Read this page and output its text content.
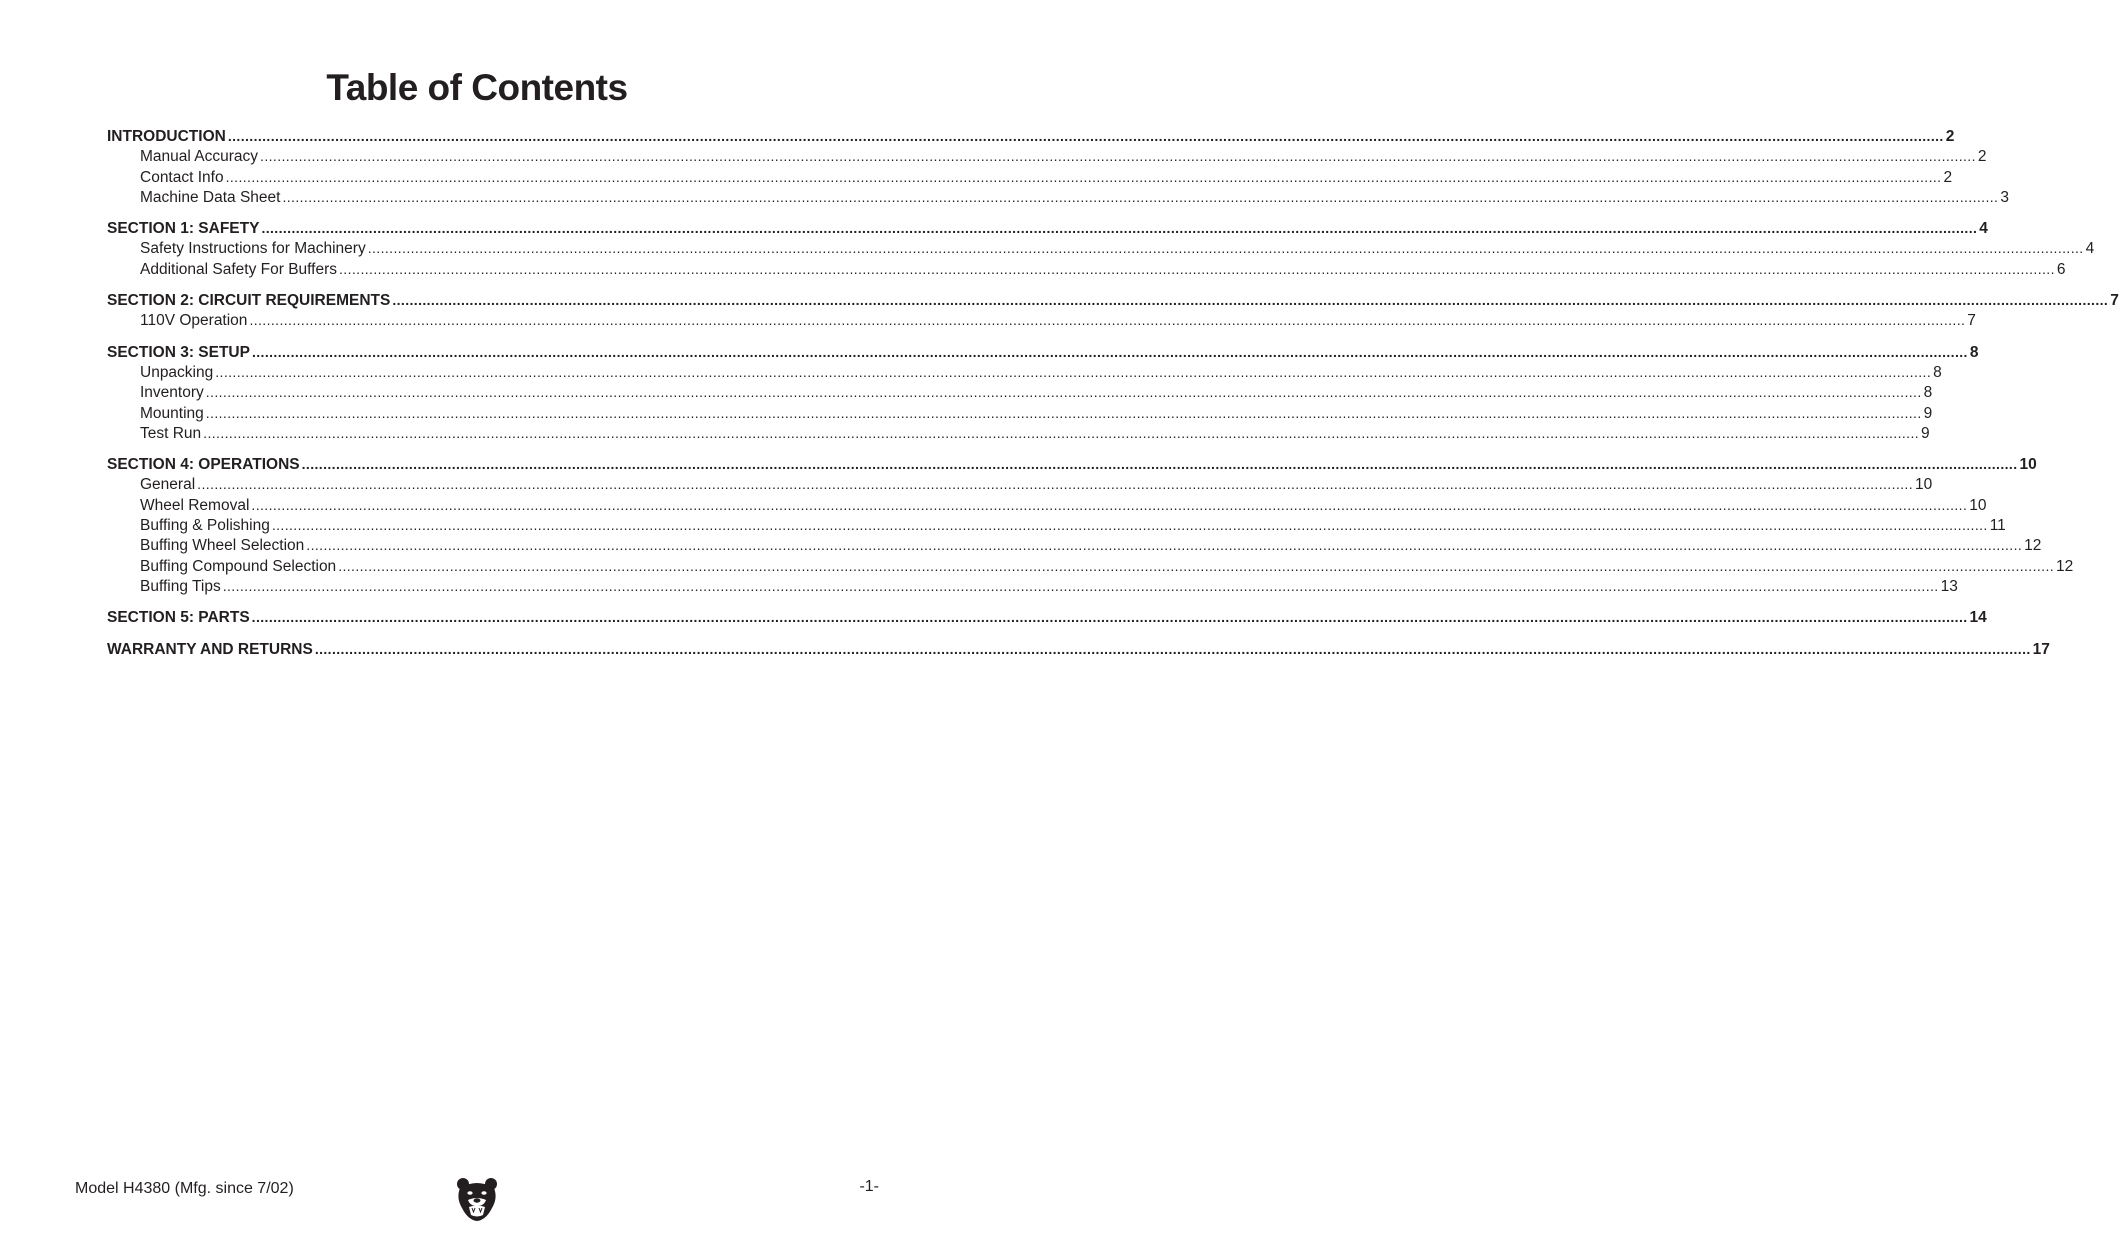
Table of Contents
INTRODUCTION ................................................................................................................................................................................................................................................................................................................................................................................................................ 2
Manual Accuracy ................................................................................................................................................................................................................................................................................................................................................................................................................ 2
Contact Info ................................................................................................................................................................................................................................................................................................................................................................................................................ 2
Machine Data Sheet ................................................................................................................................................................................................................................................................................................................................................................................................................ 3
SECTION 1: SAFETY ................................................................................................................................................................................................................................................................................................................................................................................................................ 4
Safety Instructions for Machinery ................................................................................................................................................................................................................................................................................................................................................................................................................ 4
Additional Safety For Buffers ................................................................................................................................................................................................................................................................................................................................................................................................................ 6
SECTION 2: CIRCUIT REQUIREMENTS ................................................................................................................................................................................................................................................................................................................................................................................................................ 7
110V Operation ................................................................................................................................................................................................................................................................................................................................................................................................................ 7
SECTION 3: SETUP ................................................................................................................................................................................................................................................................................................................................................................................................................ 8
Unpacking ................................................................................................................................................................................................................................................................................................................................................................................................................ 8
Inventory ................................................................................................................................................................................................................................................................................................................................................................................................................ 8
Mounting ................................................................................................................................................................................................................................................................................................................................................................................................................ 9
Test Run ................................................................................................................................................................................................................................................................................................................................................................................................................ 9
SECTION 4: OPERATIONS ................................................................................................................................................................................................................................................................................................................................................................................................................ 10
General ................................................................................................................................................................................................................................................................................................................................................................................................................ 10
Wheel Removal ................................................................................................................................................................................................................................................................................................................................................................................................................ 10
Buffing & Polishing ................................................................................................................................................................................................................................................................................................................................................................................................................ 11
Buffing Wheel Selection ................................................................................................................................................................................................................................................................................................................................................................................................................ 12
Buffing Compound Selection ................................................................................................................................................................................................................................................................................................................................................................................................................ 12
Buffing Tips ................................................................................................................................................................................................................................................................................................................................................................................................................ 13
SECTION 5: PARTS ................................................................................................................................................................................................................................................................................................................................................................................................................ 14
WARRANTY AND RETURNS ................................................................................................................................................................................................................................................................................................................................................................................................................ 17
Model H4380 (Mfg. since 7/02)	-1-
